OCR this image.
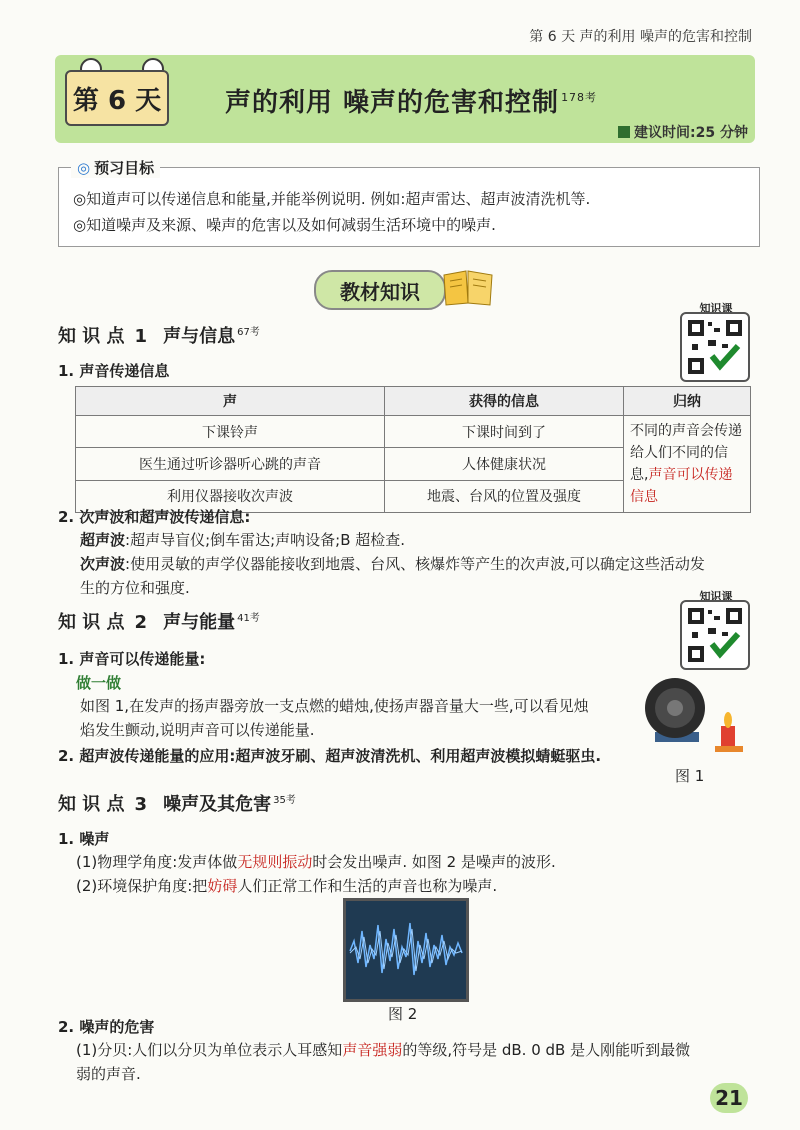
第 6 天 声的利用 噪声的危害和控制
第 6 天	声的利用 噪声的危害和控制 $^{178考}$
建议时间:25 分钟
◎ 预习目标
◎知道声可以传递信息和能量,并能举例说明. 例如:超声雷达、超声波清洗机等.
◎知道噪声及来源、噪声的危害以及如何减弱生活环境中的噪声.
教材知识
知识课
知 识 点 1 声与信息 $^{67考}$
1. 声音传递信息
声	获得的信息	归纳
下课铃声	下课时间到了	不同的声音会传递给人们不同的信息,声音可以传递信息
医生通过听诊器听心跳的声音	人体健康状况	
利用仪器接收次声波	地震、台风的位置及强度	
2. 次声波和超声波传递信息:
超声波:超声导盲仪;倒车雷达;声呐设备;B 超检查.
次声波:使用灵敏的声学仪器能接收到地震、台风、核爆炸等产生的次声波,可以确定这些活动发
生的方位和强度.	知识课
知 识 点 2 声与能量 $^{41考}$
1. 声音可以传递能量:
做一做
如图 1,在发声的扬声器旁放一支点燃的蜡烛,使扬声器音量大一些,可以看见烛
焰发生颤动,说明声音可以传递能量.
2. 超声波传递能量的应用:超声波牙刷、超声波清洗机、利用超声波模拟蜻蜓驱虫.
图 1
知 识 点 3 噪声及其危害 $^{35考}$
1. 噪声
(1)物理学角度:发声体做无规则振动时会发出噪声. 如图 2 是噪声的波形.
(2)环境保护角度:把妨碍人们正常工作和生活的声音也称为噪声.
图 2
2. 噪声的危害
(1)分贝:人们以分贝为单位表示人耳感知声音强弱的等级,符号是 dB. 0 dB 是人刚能听到最微
弱的声音.
21
